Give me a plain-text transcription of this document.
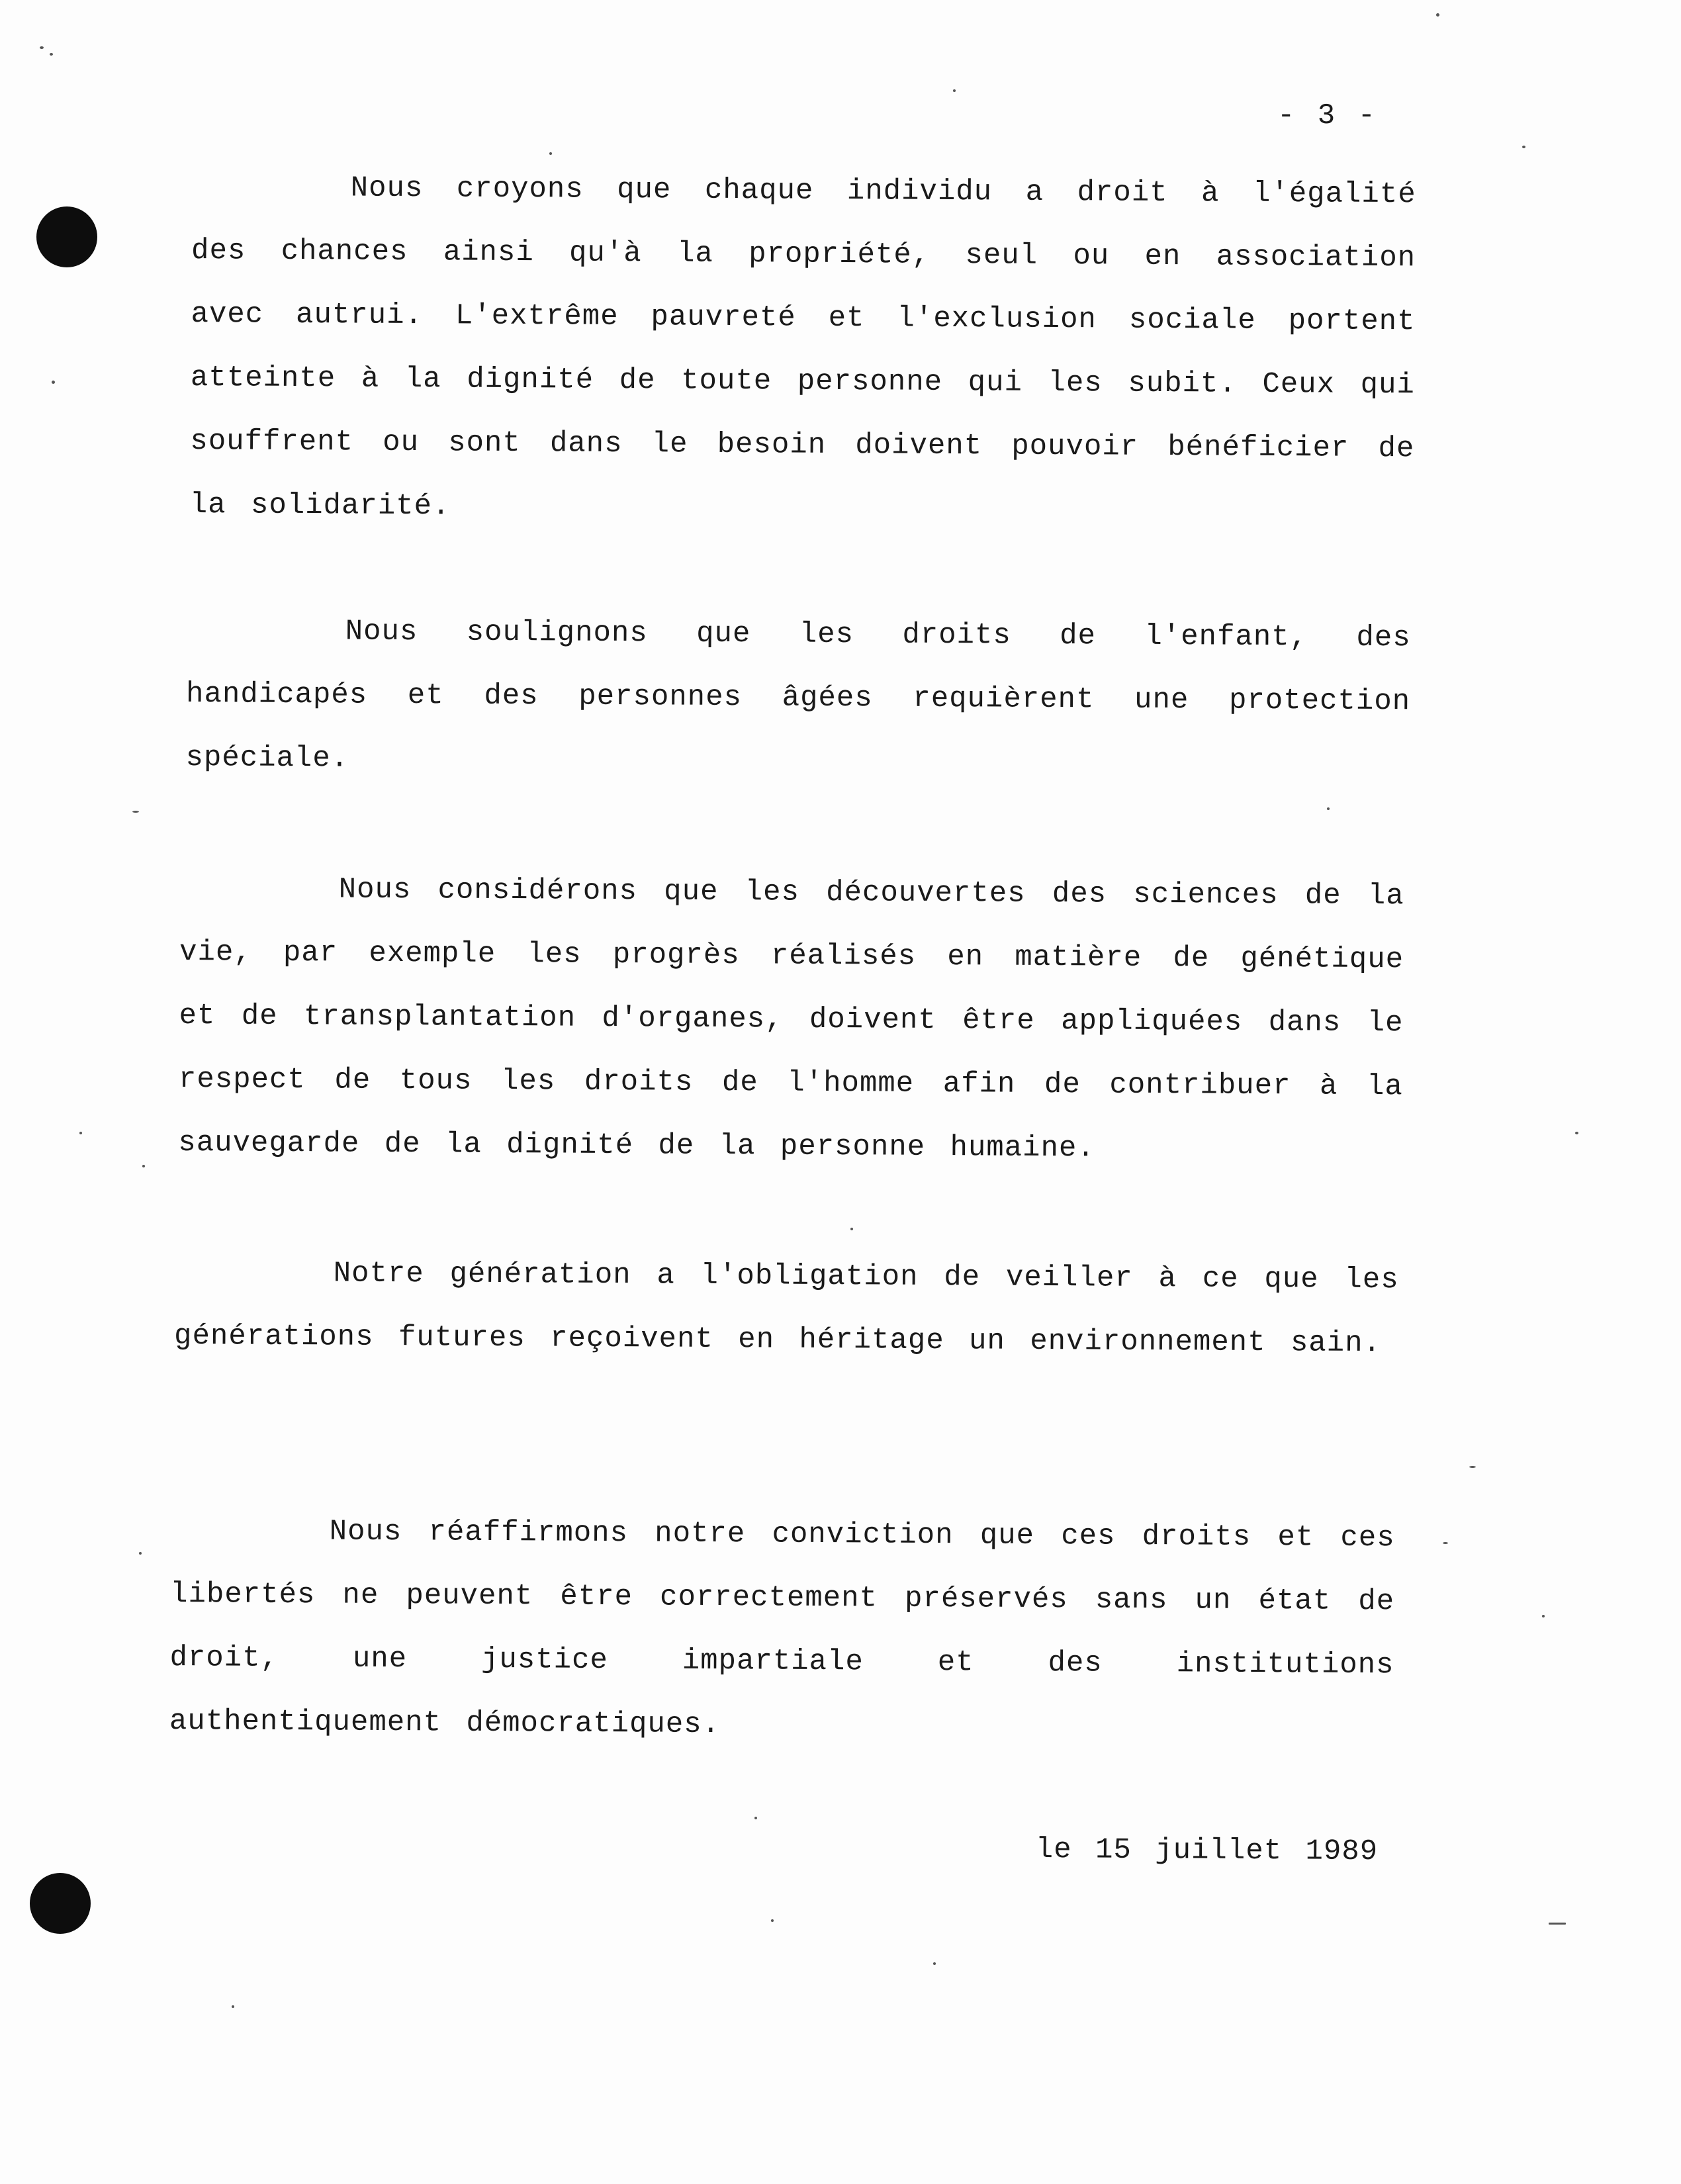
- 3 -
Nous croyons que chaque individu a droit à l'égalité des chances ainsi qu'à la propriété, seul ou en association avec autrui. L'extrême pauvreté et l'exclusion sociale portent atteinte à la dignité de toute personne qui les subit. Ceux qui souffrent ou sont dans le besoin doivent pouvoir bénéficier de la solidarité.
Nous soulignons que les droits de l'enfant, des handicapés et des personnes âgées requièrent une protection spéciale.
Nous considérons que les découvertes des sciences de la vie, par exemple les progrès réalisés en matière de génétique et de transplantation d'organes, doivent être appliquées dans le respect de tous les droits de l'homme afin de contribuer à la sauvegarde de la dignité de la personne humaine.
Notre génération a l'obligation de veiller à ce que les générations futures reçoivent en héritage un environnement sain.
Nous réaffirmons notre conviction que ces droits et ces libertés ne peuvent être correctement préservés sans un état de droit, une justice impartiale et des institutions authentiquement démocratiques.
le 15 juillet 1989
